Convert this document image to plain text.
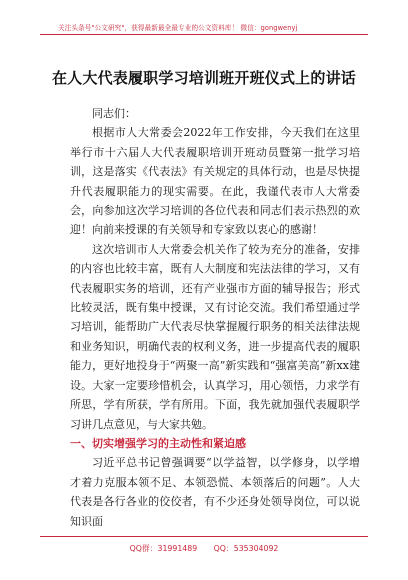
关注头条号"公文研究"，获得最新最全最专业的公文资料库！ 微信：gongwenyj
在人大代表履职学习培训班开班仪式上的讲话

同志们：

根据市人大常委会2022年工作安排，今天我们在这里举行市十六届人大代表履职培训开班动员暨第一批学习培训，这是落实《代表法》有关规定的具体行动，也是尽快提升代表履职能力的现实需要。在此，我谨代表市人大常委会，向参加这次学习培训的各位代表和同志们表示热烈的欢迎！向前来授课的有关领导和专家致以衷心的感谢！

这次培训市人大常委会机关作了较为充分的准备，安排的内容也比较丰富，既有人大制度和宪法法律的学习，又有代表履职实务的培训，还有产业强市方面的辅导报告；形式比较灵活，既有集中授课，又有讨论交流。我们希望通过学习培训，能帮助广大代表尽快掌握履行职务的相关法律法规和业务知识，明确代表的权利义务，进一步提高代表的履职能力，更好地投身于“两聚一高”新实践和“强富美高”新xx建设。大家一定要珍惜机会，认真学习，用心领悟，力求学有所思，学有所获，学有所用。下面，我先就加强代表履职学习讲几点意见，与大家共勉。

一、切实增强学习的主动性和紧迫感

习近平总书记曾强调要“以学益智，以学修身，以学增才着力克服本领不足、本领恐慌、本领落后的问题”。人大代表是各行各业的佼佼者，有不少还身处领导岗位，可以说知识面

QQ群：31991489 QQ：535304092
